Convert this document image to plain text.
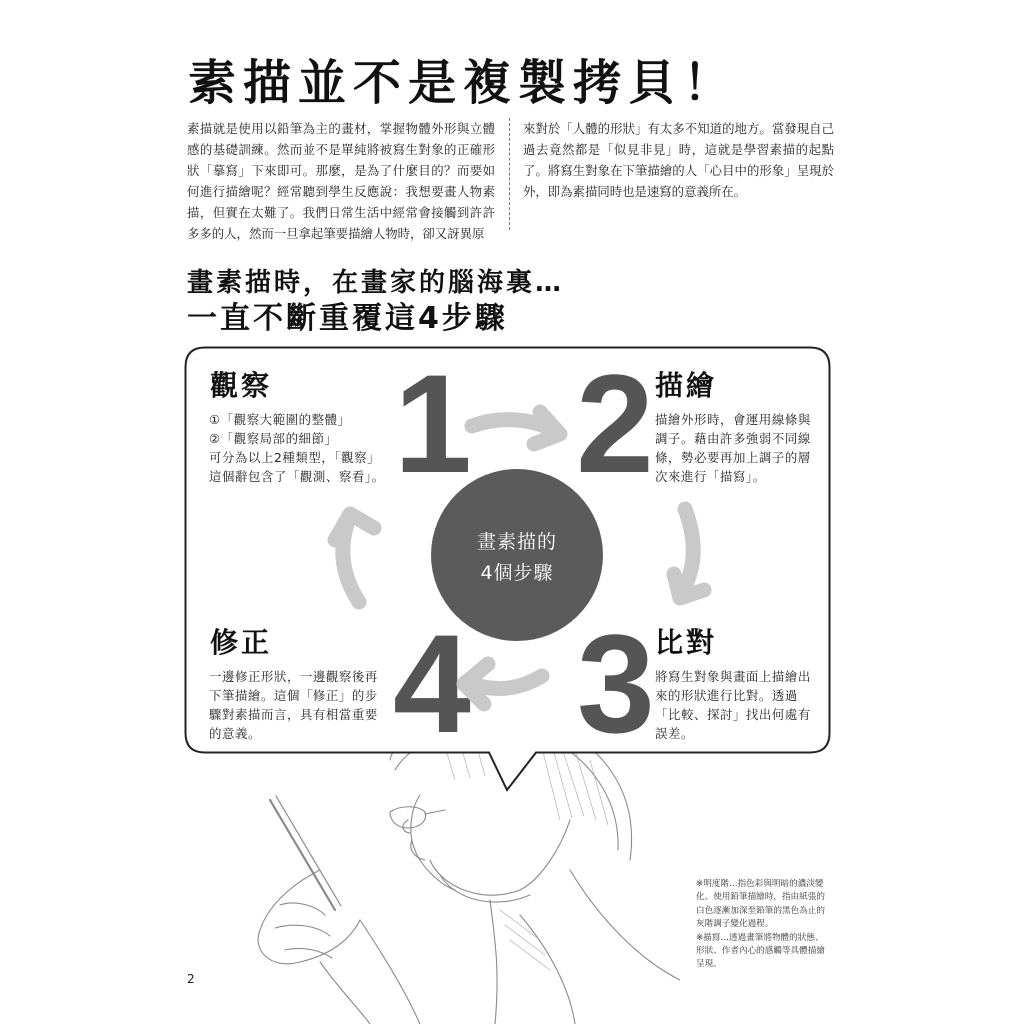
素描並不是複製拷貝！
素描就是使用以鉛筆為主的畫材，掌握物體外形與立體感的基礎訓練。然而並不是單純將被寫生對象的正確形狀「摹寫」下來即可。那麼，是為了什麼目的？而要如何進行描繪呢？經常聽到學生反應說：我想要畫人物素描，但實在太難了。我們日常生活中經常會接觸到許許多多的人，然而一旦拿起筆要描繪人物時，卻又訝異原
來對於「人體的形狀」有太多不知道的地方。當發現自己過去竟然都是「似見非見」時，這就是學習素描的起點了。將寫生對象在下筆描繪的人「心目中的形象」呈現於外，即為素描同時也是速寫的意義所在。
畫素描時，在畫家的腦海裏…
一直不斷重覆這4步驟
1 2
3
4
畫素描的
4個步驟
觀察
①「觀察大範圍的整體」
②「觀察局部的細節」
可分為以上2種類型，「觀察」
這個辭包含了「觀測、察看」。
描繪
描繪外形時，會運用線條與
調子。藉由許多強弱不同線
條，勢必要再加上調子的層
次來進行「描寫」。
修正
一邊修正形狀，一邊觀察後再
下筆描繪。這個「修正」的步
驟對素描而言，具有相當重要
的意義。
比對
將寫生對象與畫面上描繪出
來的形狀進行比對。透過
「比較、探討」找出何處有
誤差。
※明度階…指色彩與明暗的濃淡變
化。使用鉛筆描繪時，指由紙張的
白色逐漸加深至鉛筆的黑色為止的
灰階調子變化過程。
※描寫…透過畫筆將物體的狀態、
形狀、作者內心的感觸等具體描繪
呈現。
2
